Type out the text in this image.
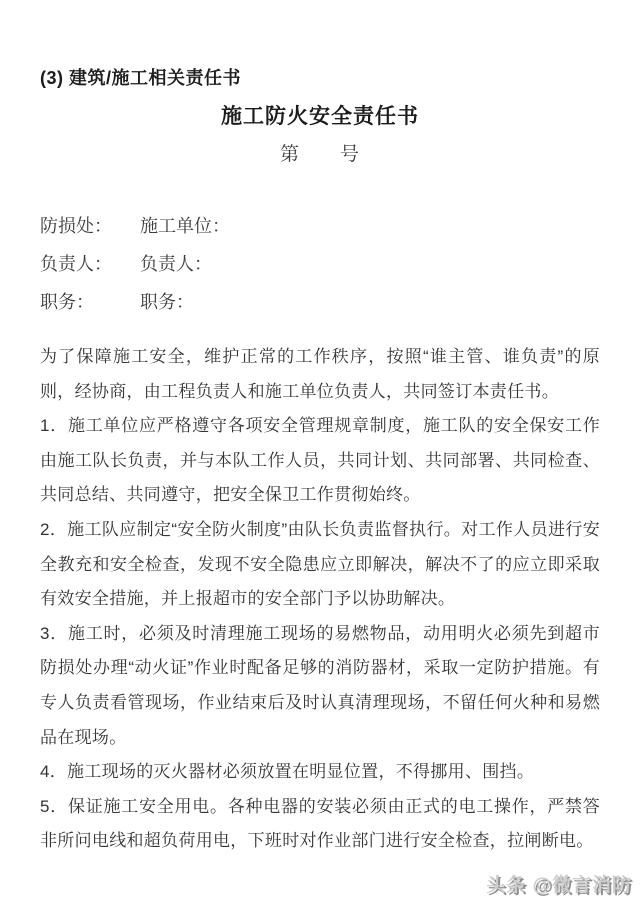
(3) 建筑/施工相关责任书
施工防火安全责任书
第　　号
防损处：	施工单位：
负责人：	负责人：
职务：	职务：

为了保障施工安全，维护正常的工作秩序，按照“谁主管、谁负责”的原则，经协商，由工程负责人和施工单位负责人，共同签订本责任书。

1．施工单位应严格遵守各项安全管理规章制度，施工队的安全保安工作由施工队长负责，并与本队工作人员，共同计划、共同部署、共同检查、共同总结、共同遵守，把安全保卫工作贯彻始终。

2．施工队应制定“安全防火制度”由队长负责监督执行。对工作人员进行安全教充和安全检查，发现不安全隐患应立即解决，解决不了的应立即采取有效安全措施，并上报超市的安全部门予以协助解决。

3．施工时，必须及时清理施工现场的易燃物品，动用明火必须先到超市防损处办理“动火证”作业时配备足够的消防器材，采取一定防护措施。有专人负责看管现场，作业结束后及时认真清理现场，不留任何火种和易燃品在现场。

4．施工现场的灭火器材必须放置在明显位置，不得挪用、围挡。

5．保证施工安全用电。各种电器的安装必须由正式的电工操作，严禁答非所问电线和超负荷用电，下班时对作业部门进行安全检查，拉闸断电。

头条 @微言消防
